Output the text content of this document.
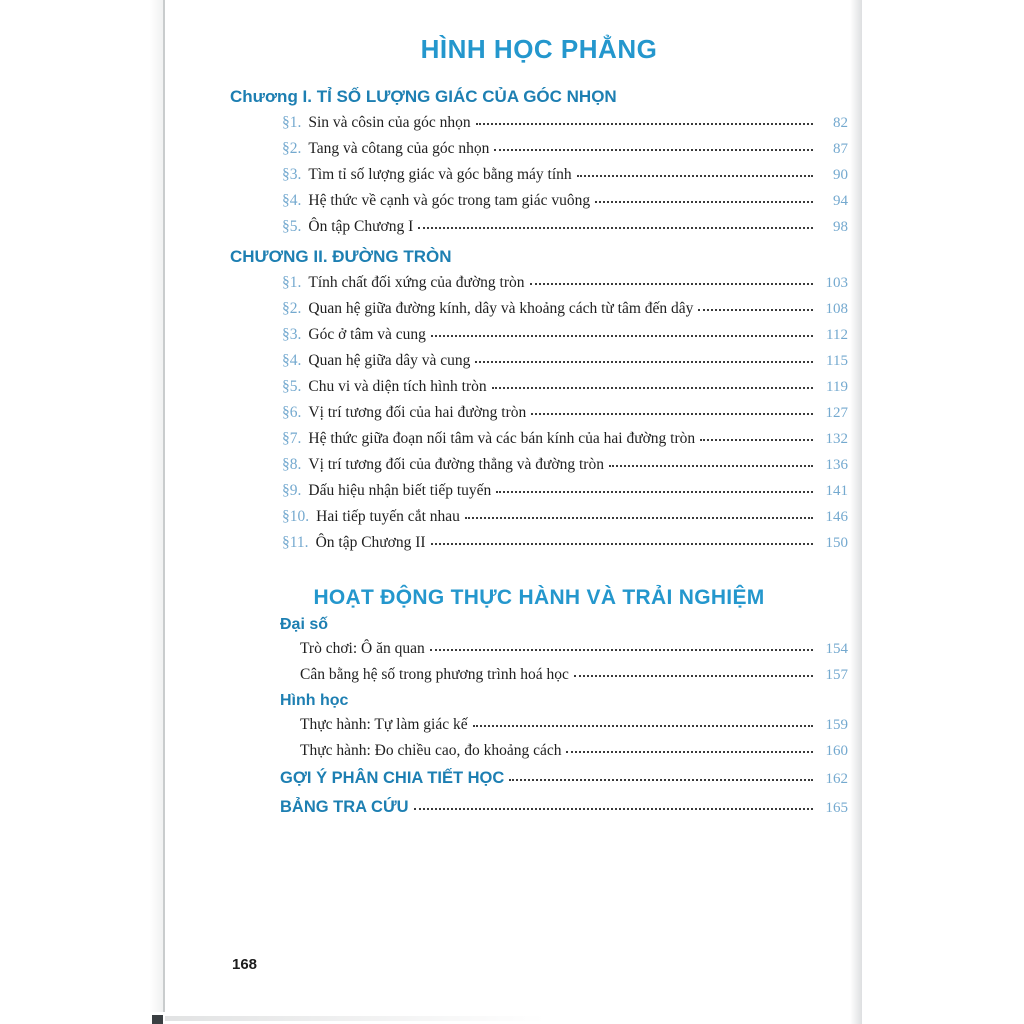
HÌNH HỌC PHẲNG
Chương I. TỈ SỐ LƯỢNG GIÁC CỦA GÓC NHỌN
§1. Sin và côsin của góc nhọn	82
§2. Tang và côtang của góc nhọn	87
§3. Tìm tỉ số lượng giác và góc bằng máy tính	90
§4. Hệ thức về cạnh và góc trong tam giác vuông	94
§5. Ôn tập Chương I	98
CHƯƠNG II. ĐƯỜNG TRÒN
§1. Tính chất đối xứng của đường tròn	103
§2. Quan hệ giữa đường kính, dây và khoảng cách từ tâm đến dây	108
§3. Góc ở tâm và cung	112
§4. Quan hệ giữa dây và cung	115
§5. Chu vi và diện tích hình tròn	119
§6. Vị trí tương đối của hai đường tròn	127
§7. Hệ thức giữa đoạn nối tâm và các bán kính của hai đường tròn	132
§8. Vị trí tương đối của đường thẳng và đường tròn	136
§9. Dấu hiệu nhận biết tiếp tuyến	141
§10. Hai tiếp tuyến cắt nhau	146
§11. Ôn tập Chương II	150
HOẠT ĐỘNG THỰC HÀNH VÀ TRẢI NGHIỆM
Đại số
Trò chơi: Ô ăn quan	154
Cân bằng hệ số trong phương trình hoá học	157
Hình học
Thực hành: Tự làm giác kế	159
Thực hành: Đo chiều cao, đo khoảng cách	160
GỢI Ý PHÂN CHIA TIẾT HỌC	162
BẢNG TRA CỨU	165
168
